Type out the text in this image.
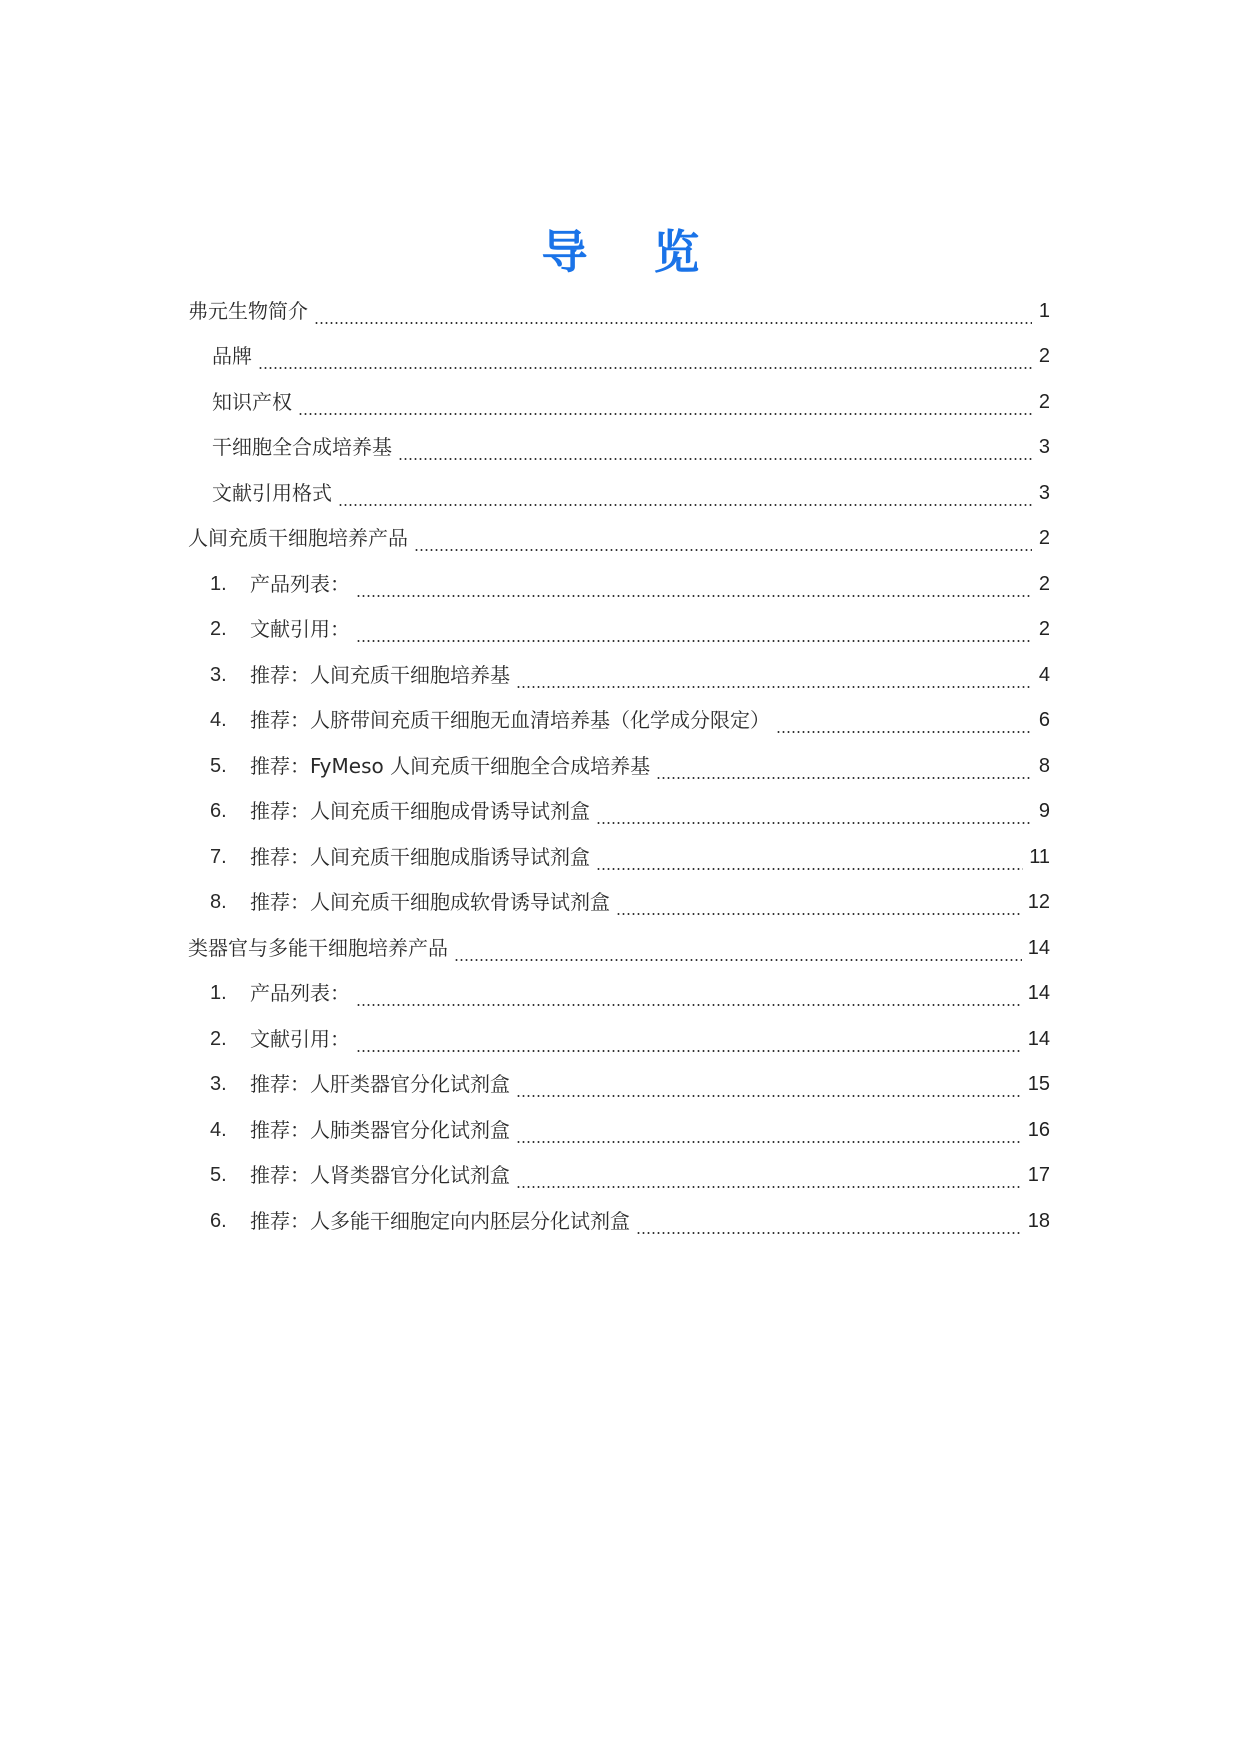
导 览
弗元生物简介	1
品牌	2
知识产权	2
干细胞全合成培养基	3
文献引用格式	3
人间充质干细胞培养产品	2
1.	产品列表：	2
2.	文献引用：	2
3.	推荐：人间充质干细胞培养基	4
4.	推荐：人脐带间充质干细胞无血清培养基（化学成分限定）	6
5.	推荐：FyMeso 人间充质干细胞全合成培养基	8
6.	推荐：人间充质干细胞成骨诱导试剂盒	9
7.	推荐：人间充质干细胞成脂诱导试剂盒	11
8.	推荐：人间充质干细胞成软骨诱导试剂盒	12
类器官与多能干细胞培养产品	14
1.	产品列表：	14
2.	文献引用：	14
3.	推荐：人肝类器官分化试剂盒	15
4.	推荐：人肺类器官分化试剂盒	16
5.	推荐：人肾类器官分化试剂盒	17
6.	推荐：人多能干细胞定向内胚层分化试剂盒	18
